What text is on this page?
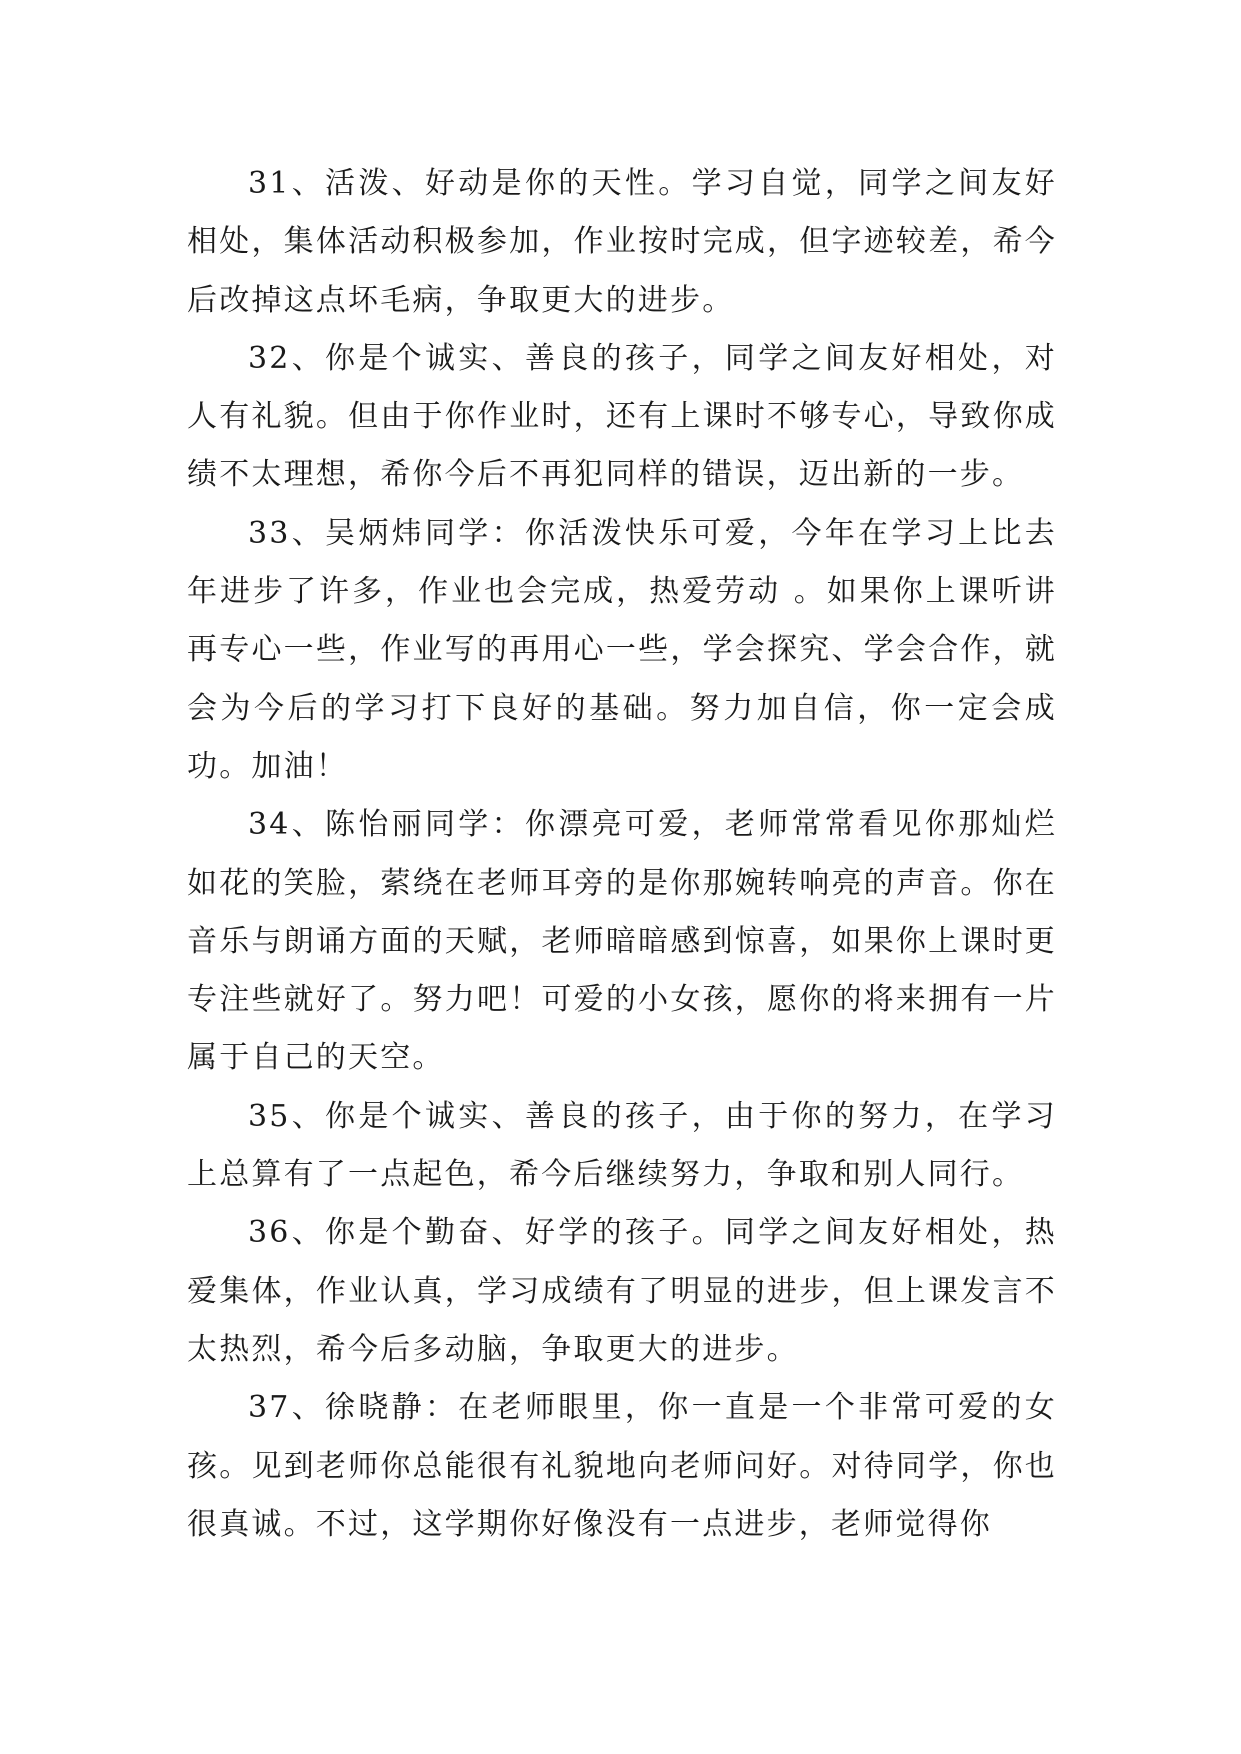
31、活泼、好动是你的天性。学习自觉，同学之间友好相处，集体活动积极参加，作业按时完成，但字迹较差，希今后改掉这点坏毛病，争取更大的进步。

32、你是个诚实、善良的孩子，同学之间友好相处，对人有礼貌。但由于你作业时，还有上课时不够专心，导致你成绩不太理想，希你今后不再犯同样的错误，迈出新的一步。

33、吴炳炜同学：你活泼快乐可爱，今年在学习上比去年进步了许多，作业也会完成，热爱劳动 。如果你上课听讲再专心一些，作业写的再用心一些，学会探究、学会合作，就会为今后的学习打下良好的基础。努力加自信，你一定会成功。加油！

34、陈怡丽同学：你漂亮可爱，老师常常看见你那灿烂如花的笑脸，萦绕在老师耳旁的是你那婉转响亮的声音。你在音乐与朗诵方面的天赋，老师暗暗感到惊喜，如果你上课时更专注些就好了。努力吧！可爱的小女孩，愿你的将来拥有一片属于自己的天空。

35、你是个诚实、善良的孩子，由于你的努力，在学习上总算有了一点起色，希今后继续努力，争取和别人同行。

36、你是个勤奋、好学的孩子。同学之间友好相处，热爱集体，作业认真，学习成绩有了明显的进步，但上课发言不太热烈，希今后多动脑，争取更大的进步。

37、徐晓静：在老师眼里，你一直是一个非常可爱的女孩。见到老师你总能很有礼貌地向老师问好。对待同学，你也很真诚。不过，这学期你好像没有一点进步，老师觉得你
